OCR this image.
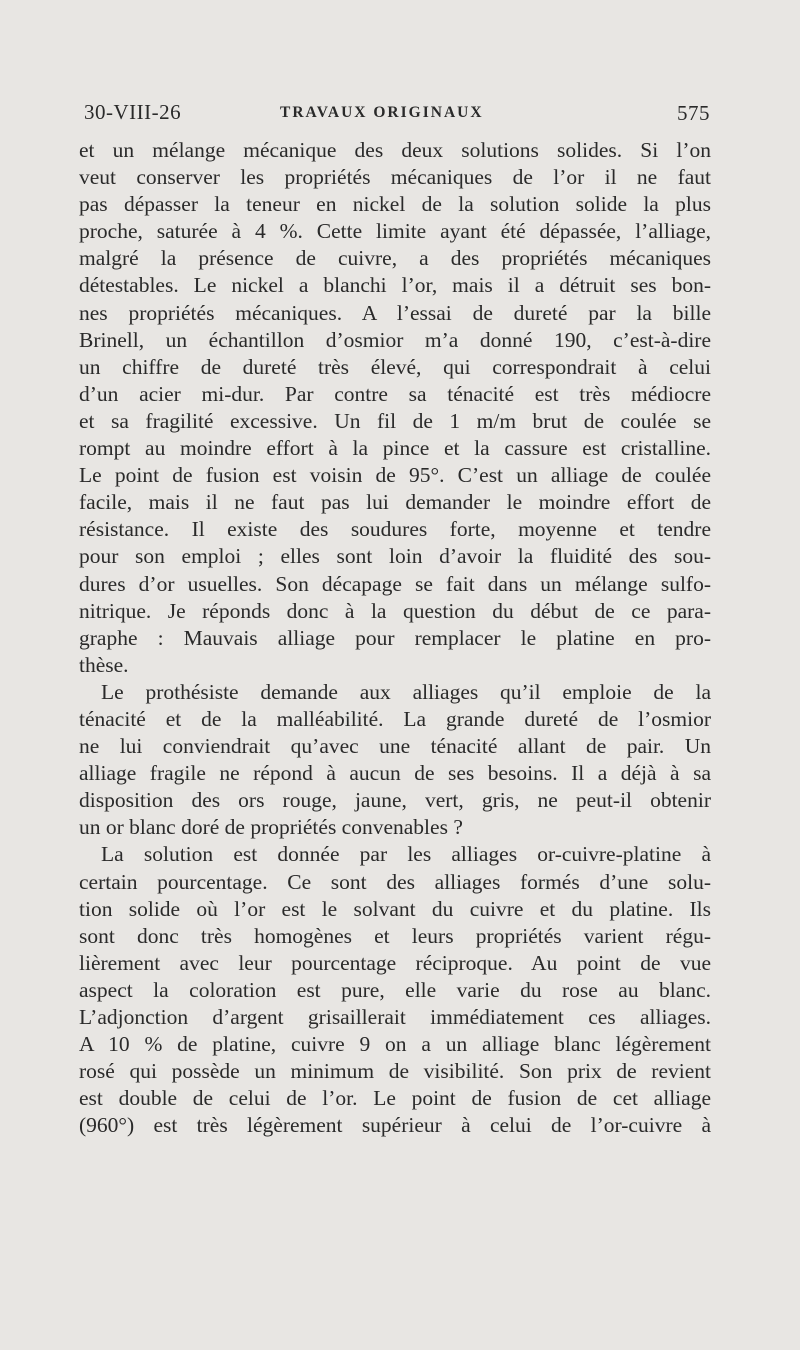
30-VIII-26	TRAVAUX ORIGINAUX	575
et un mélange mécanique des deux solutions solides. Si l’on
veut conserver les propriétés mécaniques de l’or il ne faut
pas dépasser la teneur en nickel de la solution solide la plus
proche, saturée à 4 %. Cette limite ayant été dépassée, l’alliage,
malgré la présence de cuivre, a des propriétés mécaniques
détestables. Le nickel a blanchi l’or, mais il a détruit ses bon-
nes propriétés mécaniques. A l’essai de dureté par la bille
Brinell, un échantillon d’osmior m’a donné 190, c’est-à-dire
un chiffre de dureté très élevé, qui correspondrait à celui
d’un acier mi-dur. Par contre sa ténacité est très médiocre
et sa fragilité excessive. Un fil de 1 m/m brut de coulée se
rompt au moindre effort à la pince et la cassure est cristalline.
Le point de fusion est voisin de 95°. C’est un alliage de coulée
facile, mais il ne faut pas lui demander le moindre effort de
résistance. Il existe des soudures forte, moyenne et tendre
pour son emploi ; elles sont loin d’avoir la fluidité des sou-
dures d’or usuelles. Son décapage se fait dans un mélange sulfo-
nitrique. Je réponds donc à la question du début de ce para-
graphe : Mauvais alliage pour remplacer le platine en pro-
thèse.
Le prothésiste demande aux alliages qu’il emploie de la
ténacité et de la malléabilité. La grande dureté de l’osmior
ne lui conviendrait qu’avec une ténacité allant de pair. Un
alliage fragile ne répond à aucun de ses besoins. Il a déjà à sa
disposition des ors rouge, jaune, vert, gris, ne peut-il obtenir
un or blanc doré de propriétés convenables ?
La solution est donnée par les alliages or-cuivre-platine à
certain pourcentage. Ce sont des alliages formés d’une solu-
tion solide où l’or est le solvant du cuivre et du platine. Ils
sont donc très homogènes et leurs propriétés varient régu-
lièrement avec leur pourcentage réciproque. Au point de vue
aspect la coloration est pure, elle varie du rose au blanc.
L’adjonction d’argent grisaillerait immédiatement ces alliages.
A 10 % de platine, cuivre 9 on a un alliage blanc légèrement
rosé qui possède un minimum de visibilité. Son prix de revient
est double de celui de l’or. Le point de fusion de cet alliage
(960°) est très légèrement supérieur à celui de l’or-cuivre à
